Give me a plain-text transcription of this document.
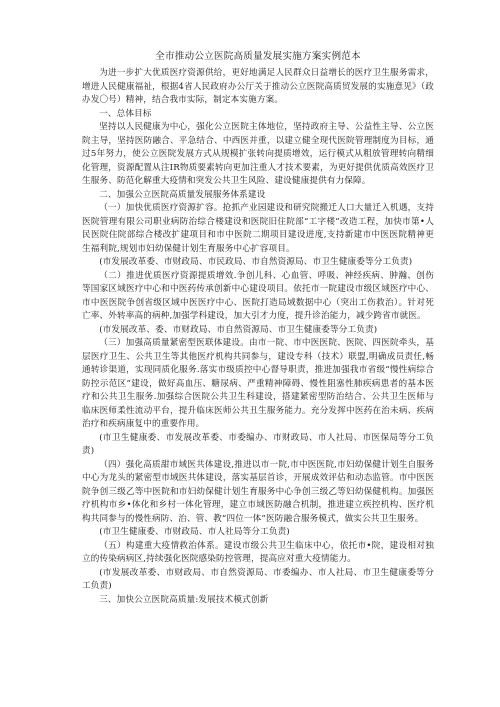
全市推动公立医院高质量发展实施方案实例范本

为进一步扩大优质医疗资源供给，更好地满足人民群众日益增长的医疗卫生服务需求，增进人民健康福祉，根据4省人民政府办公厅关于推动公立医院高质贸发展的实施意见》（政办发〇号）精神，结合我市实际，制定本实施方案。

一、总体目标

坚持以人民健康为中心，强化公立医院主体地位，坚持政府主导、公益性主导、公立医院主导，坚持医防融合、平急结合、中西医并重，以建立健全现代医院管理制度为目标，通过5年努力，使公立医院发展方式从规模扩张转向提质增效，运行模式从粗放管理转向精细化管理，资源配置从注IR物质要素转向更加注重人才技术要素，为更好提供优质高效医疗卫生服务、防范化解重大疫情和突发公共卫生风险、建设健康提供有力保障。

二、加强公立医院高质量发展服务体系建设

（一）加快优质医疗资源扩容。抢抓产业园建设和研究院搬迁人口大量迁入机遇，支持医院管理有限公司职业病防治综合楼建设和医院旧住院部“工字楼”改造工程，加快市第•人民医院住院部综合楼改扩建项目和市中医院二期项目建设进度,支持新建市中医医院精神更生福利院,规划市妇幼保健计划生育服务中心扩容项目。

(市发展改革委、市财政局、市民政局、市自然资源局、市卫生健康委等分工负责)

（二）推进优质医疗资源提质增效.争创儿科、心血管、呼吸、神经疾病、肿瀚、创伤等国家区域医疗中心和中医药传承创新中心建设项目。依托市一院建设市级区域医疗中心、市中医医院争创省级区域中医医疗中心、医院打造局域数据中心（突出工伤救治）。针对死亡率、外转率高的病种,加强学科建设，加大引才力度，提升诊治能力，减少跨省市就医。

(市发展改革、委、市财政局、市自然资源局、市卫生健康委等分工负责)

（三）加强高质量紧密型医联体建设。由市一院、市中医医院、医院、四医院牵头，基层医疗卫生、公共卫生等其他医疗机构共同参与，建设专科（技术）联盟,明确成员责任,畅通转诊渠道，实现同质化服务.落实市级质控中心督导职责，推进加强我市省级“慢性病综合防控示范区”建设，做好高血压、糖尿病、严重精神障碍、慢性阻塞性肺疾病患者的基本医疗和公共卫生服务.加强综合医院公共卫生科建设，搭建紧密型防治结合、公共卫生医师与临床医师柔性流动平台，提升临床医师公共丑生服务能力。充分发挥中医药在治未病、疾病治疗和疾病康复中的重要作用。

(市卫生健康委、市发展改革委、市委编办、市财政局、市人社局、市医保局等分工负责)

（四）强化高质甜市域医共体建设,推进以市一院,市中医医院,市妇幼保健计划生自服务中心为龙头的紧密型市域医共体建设，落实基层首诊，开展成效评估和动态监管。市中医医院争创三级乙等中医院和市妇幼保健计划生育服务中心争创三级乙等妇幼保健机构。加强医疗机构市乡•体化和乡村一体化管理，建立市域医防融合机制，推进建立疾控机构、医疗机构共同参与的慢性病防、治、管、教“四位一体”医防融合服务模式，做实公共卫生服务。

(市卫生健康委、市财政局、市人社局等分工负责)

（五）构建重大疫情救治体系。建设市级公共卫生临床中心，依托市•院，建设相对独立的传染病病区,持续强化医院感染防控管理，提高应对重大疫情能力。

(市发展改革委、市财政局、市自然资源局、市委编办、市人社局、市卫生健康委等分工负责)

三、加快公立医院高质量:发展技术模式创新
